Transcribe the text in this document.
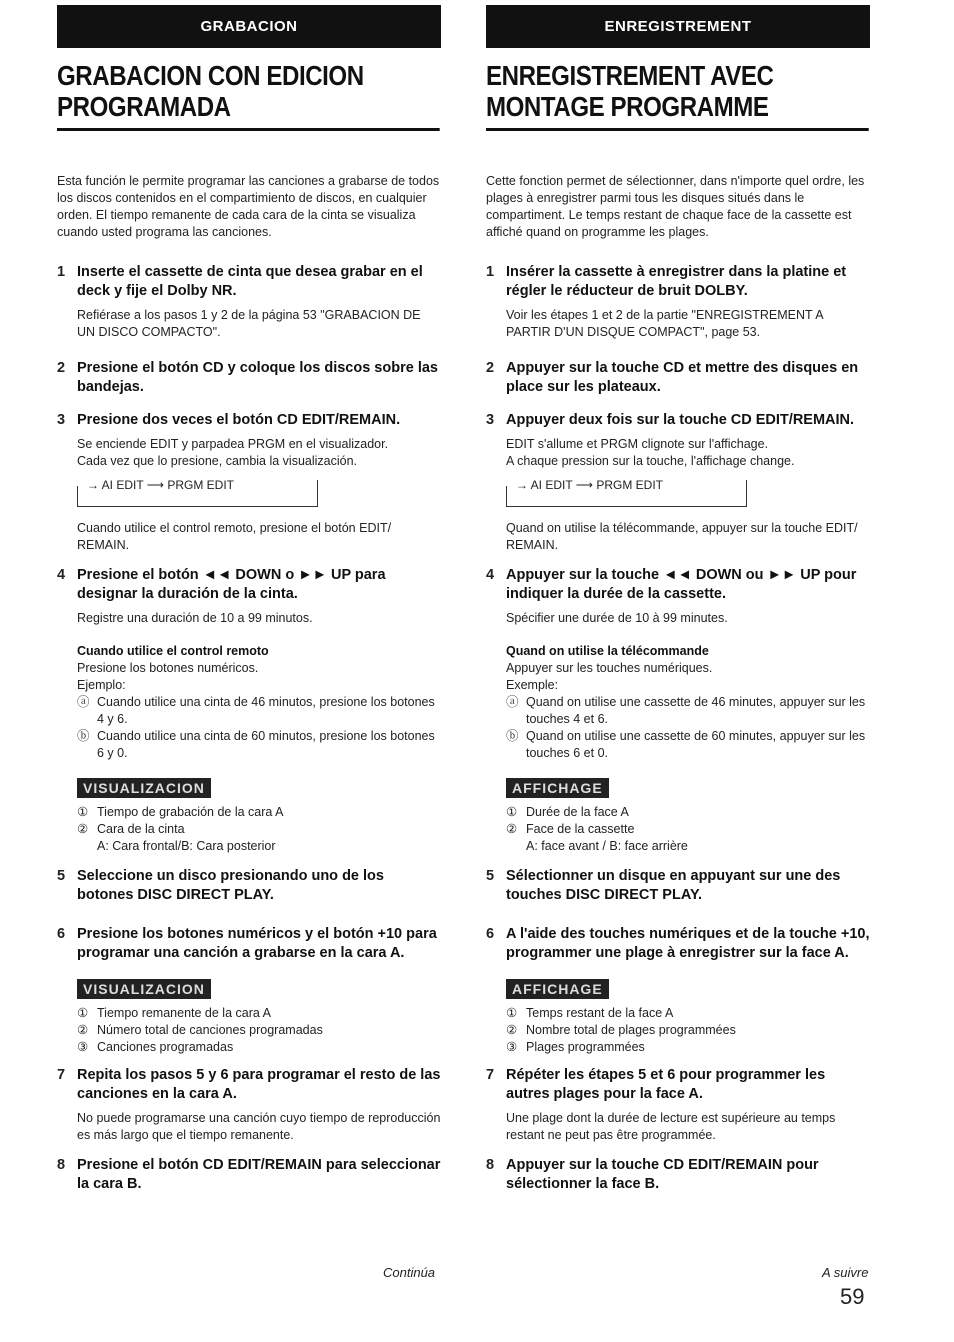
GRABACION
GRABACION CON EDICION PROGRAMADA
Esta función le permite programar las canciones a grabarse de todos los discos contenidos en el compartimiento de discos, en cualquier orden. El tiempo remanente de cada cara de la cinta se visualiza cuando usted programa las canciones.
1 Inserte el cassette de cinta que desea grabar en el deck y fije el Dolby NR.
Refiérase a los pasos 1 y 2 de la página 53 "GRABACION DE UN DISCO COMPACTO".
2 Presione el botón CD y coloque los discos sobre las bandejas.
3 Presione dos veces el botón CD EDIT/REMAIN.
Se enciende EDIT y parpadea PRGM en el visualizador.
Cada vez que lo presione, cambia la visualización.
→ AI EDIT ⟶ PRGM EDIT
Cuando utilice el control remoto, presione el botón EDIT/ REMAIN.
4 Presione el botón ◄◄ DOWN o ►► UP para designar la duración de la cinta.
Registre una duración de 10 a 99 minutos.
Cuando utilice el control remoto
Presione los botones numéricos.
Ejemplo:
ⓐ Cuando utilice una cinta de 46 minutos, presione los botones 4 y 6.
ⓑ Cuando utilice una cinta de 60 minutos, presione los botones 6 y 0.
VISUALIZACION
① Tiempo de grabación de la cara A
② Cara de la cinta
A: Cara frontal/B: Cara posterior
5 Seleccione un disco presionando uno de los botones DISC DIRECT PLAY.
6 Presione los botones numéricos y el botón +10 para programar una canción a grabarse en la cara A.
VISUALIZACION
① Tiempo remanente de la cara A
② Número total de canciones programadas
③ Canciones programadas
7 Repita los pasos 5 y 6 para programar el resto de las canciones en la cara A.
No puede programarse una canción cuyo tiempo de reproducción es más largo que el tiempo remanente.
8 Presione el botón CD EDIT/REMAIN para seleccionar la cara B.
ENREGISTREMENT
ENREGISTREMENT AVEC MONTAGE PROGRAMME
Cette fonction permet de sélectionner, dans n'importe quel ordre, les plages à enregistrer parmi tous les disques situés dans le compartiment. Le temps restant de chaque face de la cassette est affiché quand on programme les plages.
1 Insérer la cassette à enregistrer dans la platine et régler le réducteur de bruit DOLBY.
Voir les étapes 1 et 2 de la partie "ENREGISTREMENT A PARTIR D'UN DISQUE COMPACT", page 53.
2 Appuyer sur la touche CD et mettre des disques en place sur les plateaux.
3 Appuyer deux fois sur la touche CD EDIT/REMAIN.
EDIT s'allume et PRGM clignote sur l'affichage.
A chaque pression sur la touche, l'affichage change.
→ AI EDIT ⟶ PRGM EDIT
Quand on utilise la télécommande, appuyer sur la touche EDIT/ REMAIN.
4 Appuyer sur la touche ◄◄ DOWN ou ►► UP pour indiquer la durée de la cassette.
Spécifier une durée de 10 à 99 minutes.
Quand on utilise la télécommande
Appuyer sur les touches numériques.
Exemple:
ⓐ Quand on utilise une cassette de 46 minutes, appuyer sur les touches 4 et 6.
ⓑ Quand on utilise une cassette de 60 minutes, appuyer sur les touches 6 et 0.
AFFICHAGE
① Durée de la face A
② Face de la cassette
A: face avant / B: face arrière
5 Sélectionner un disque en appuyant sur une des touches DISC DIRECT PLAY.
6 A l'aide des touches numériques et de la touche +10, programmer une plage à enregistrer sur la face A.
AFFICHAGE
① Temps restant de la face A
② Nombre total de plages programmées
③ Plages programmées
7 Répéter les étapes 5 et 6 pour programmer les autres plages pour la face A.
Une plage dont la durée de lecture est supérieure au temps restant ne peut pas être programmée.
8 Appuyer sur la touche CD EDIT/REMAIN pour sélectionner la face B.
Continúa	A suivre
59
